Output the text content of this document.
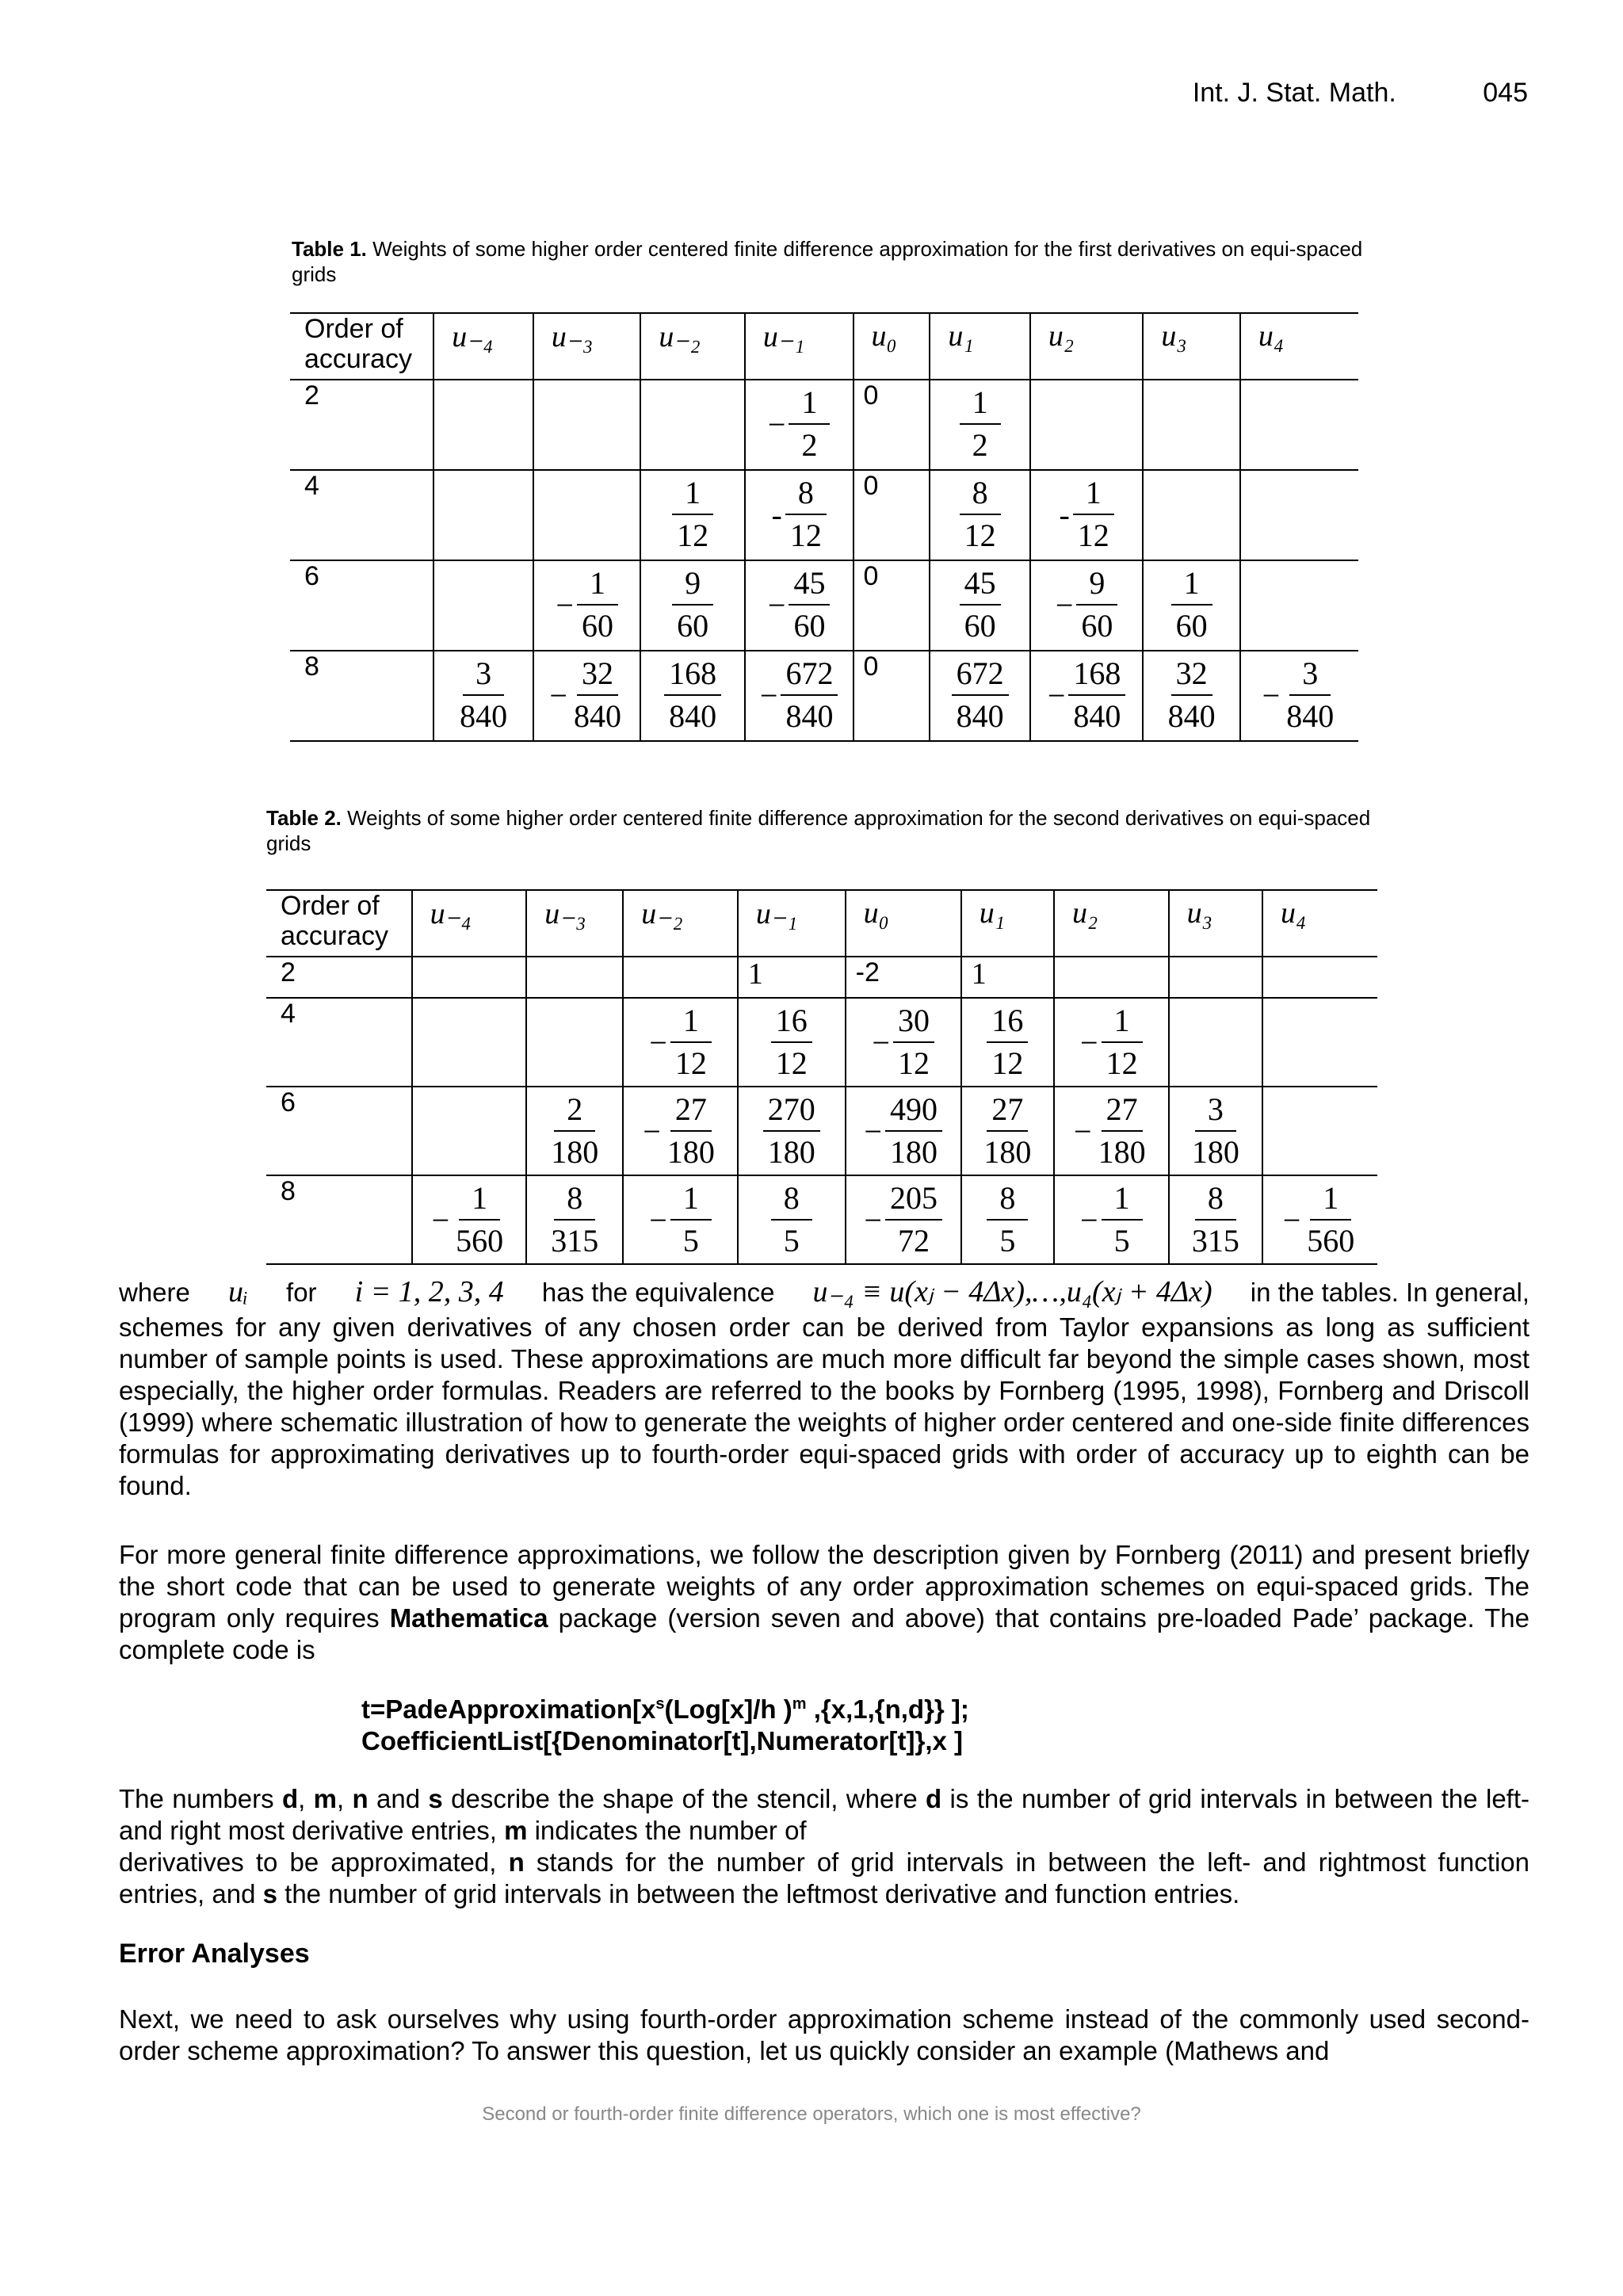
Int. J. Stat. Math.	045
Table 1. Weights of some higher order centered finite difference approximation for the first derivatives on equi-spaced grids
Order of accuracy	u₋₄	u₋₃	u₋₂	u₋₁	u₀	u₁	u₂	u₃	u₄
2				− $\frac{1}{2}$	0	$\frac{1}{2}$

4			$\frac{1}{12}$	- $\frac{8}{12}$	0	$\frac{8}{12}$	- $\frac{1}{12}$

6		− $\frac{1}{60}$	$\frac{9}{60}$	− $\frac{45}{60}$	0	$\frac{45}{60}$	− $\frac{9}{60}$	$\frac{1}{60}$

8	$\frac{3}{840}$	− $\frac{32}{840}$	$\frac{168}{840}$	− $\frac{672}{840}$	0	$\frac{672}{840}$	− $\frac{168}{840}$	$\frac{32}{840}$	− $\frac{3}{840}$
Table 2. Weights of some higher order centered finite difference approximation for the second derivatives on equi-spaced grids
Order of accuracy	u₋₄	u₋₃	u₋₂	u₋₁	u₀	u₁	u₂	u₃	u₄
2				1	-2	1			

4			− $\frac{1}{12}$	$\frac{16}{12}$	− $\frac{30}{12}$	$\frac{16}{12}$	− $\frac{1}{12}$

6		$\frac{2}{180}$	− $\frac{27}{180}$	$\frac{270}{180}$	− $\frac{490}{180}$	$\frac{27}{180}$	− $\frac{27}{180}$	$\frac{3}{180}$

8	− $\frac{1}{560}$	$\frac{8}{315}$	− $\frac{1}{5}$	$\frac{8}{5}$	− $\frac{205}{72}$	$\frac{8}{5}$	− $\frac{1}{5}$	$\frac{8}{315}$	− $\frac{1}{560}$
where uᵢ for i = 1, 2, 3, 4 has the equivalence u₋₄ ≡ u(xⱼ − 4Δx),…,u₄(xⱼ + 4Δx) in the tables. In general,

schemes for any given derivatives of any chosen order can be derived from Taylor expansions as long as sufficient number of sample points is used. These approximations are much more difficult far beyond the simple cases shown, most especially, the higher order formulas. Readers are referred to the books by Fornberg (1995, 1998), Fornberg and Driscoll (1999) where schematic illustration of how to generate the weights of higher order centered and one-side finite differences formulas for approximating derivatives up to fourth-order equi-spaced grids with order of accuracy up to eighth can be found.

For more general finite difference approximations, we follow the description given by Fornberg (2011) and present briefly the short code that can be used to generate weights of any order approximation schemes on equi-spaced grids. The program only requires Mathematica package (version seven and above) that contains pre-loaded Pade’ package. The complete code is

$t=PadeApproximation[x^s(Log[x]/h$ )$^m$ ,{x,1,{n,d}} ];
CoefficientList[{Denominator[t],Numerator[t]},x ]

The numbers d, m, n and s describe the shape of the stencil, where d is the number of grid intervals in between the left- and right most derivative entries, m indicates the number of

derivatives to be approximated, n stands for the number of grid intervals in between the left- and rightmost function entries, and s the number of grid intervals in between the leftmost derivative and function entries.

Error Analyses
Next, we need to ask ourselves why using fourth-order approximation scheme instead of the commonly used second-order scheme approximation? To answer this question, let us quickly consider an example (Mathews and
Second or fourth-order finite difference operators, which one is most effective?
